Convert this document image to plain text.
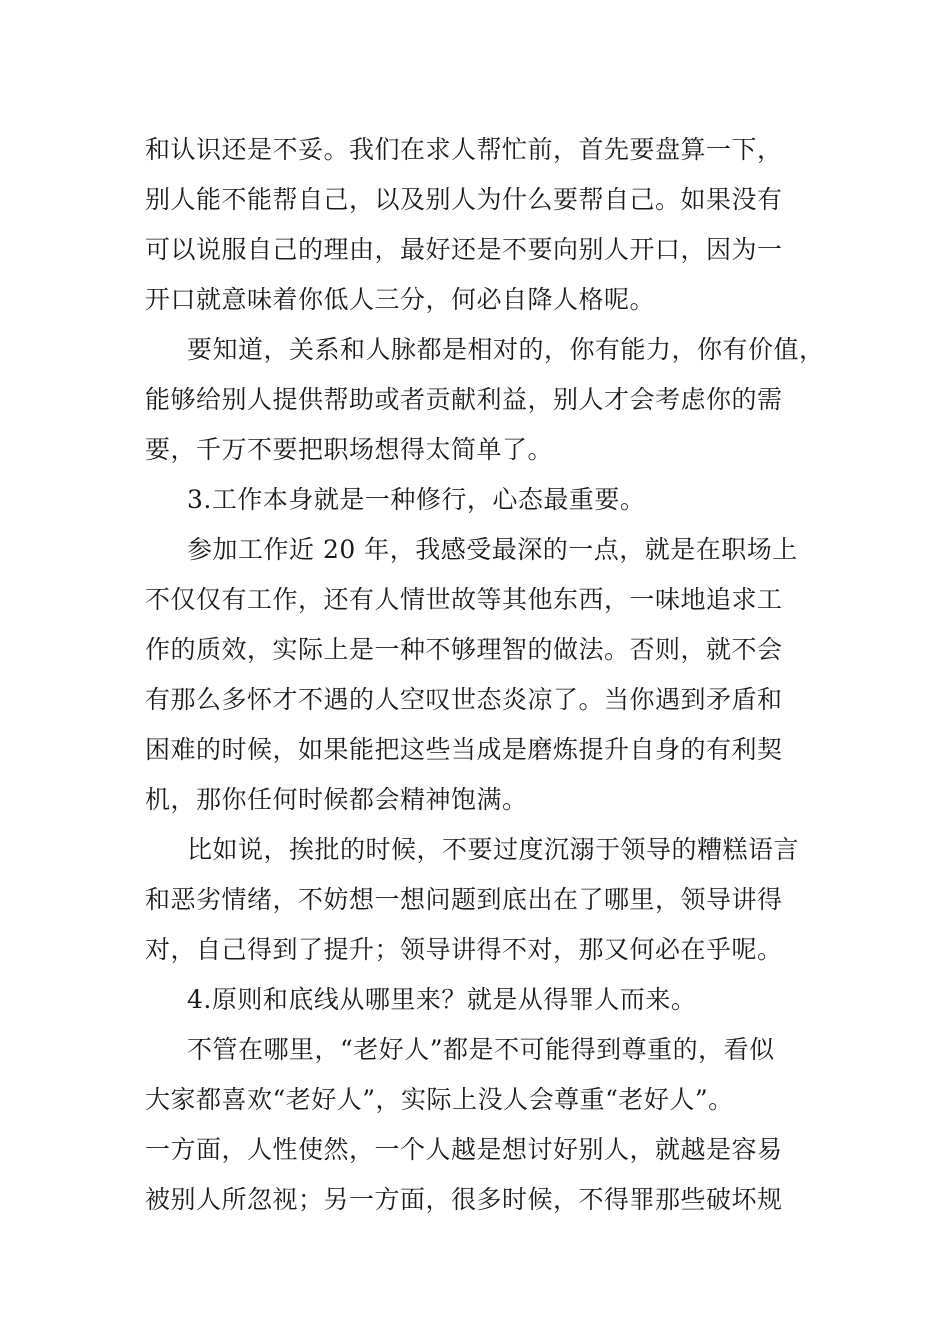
和认识还是不妥。我们在求人帮忙前，首先要盘算一下，
别人能不能帮自己，以及别人为什么要帮自己。如果没有
可以说服自己的理由，最好还是不要向别人开口，因为一
开口就意味着你低人三分，何必自降人格呢。
要知道，关系和人脉都是相对的，你有能力，你有价值，
能够给别人提供帮助或者贡献利益，别人才会考虑你的需
要，千万不要把职场想得太简单了。
3.工作本身就是一种修行，心态最重要。
参加工作近 20 年，我感受最深的一点，就是在职场上
不仅仅有工作，还有人情世故等其他东西，一味地追求工
作的质效，实际上是一种不够理智的做法。否则，就不会
有那么多怀才不遇的人空叹世态炎凉了。当你遇到矛盾和
困难的时候，如果能把这些当成是磨炼提升自身的有利契
机，那你任何时候都会精神饱满。
比如说，挨批的时候，不要过度沉溺于领导的糟糕语言
和恶劣情绪，不妨想一想问题到底出在了哪里，领导讲得
对，自己得到了提升；领导讲得不对，那又何必在乎呢。
4.原则和底线从哪里来？就是从得罪人而来。
不管在哪里，“老好人”都是不可能得到尊重的，看似
大家都喜欢“老好人”，实际上没人会尊重“老好人”。
一方面，人性使然，一个人越是想讨好别人，就越是容易
被别人所忽视；另一方面，很多时候，不得罪那些破坏规
